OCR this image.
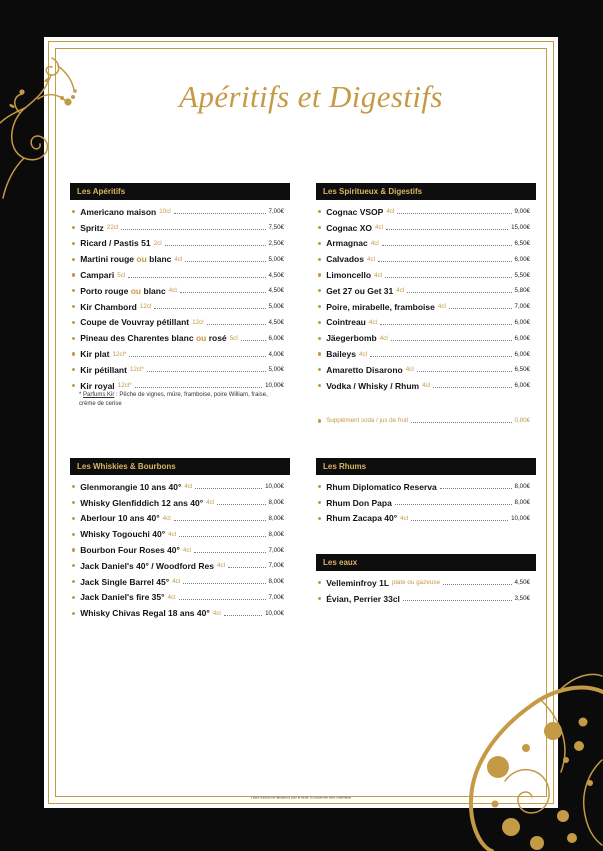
Apéritifs et Digestifs
Les Apéritifs
Americano maison 10cl	7,00€
Spritz 22cl	7,50€
Ricard / Pastis 51 2cl	2,50€
Martini rouge ou blanc 4cl	5,00€
Campari 5cl	4,50€
Porto rouge ou blanc 4cl	4,50€
Kir Chambord 12cl	5,00€
Coupe de Vouvray pétillant 12cl	4,50€
Pineau des Charentes blanc ou rosé 5cl	6,00€
Kir plat 12cl*	4,00€
Kir pétillant 12cl*	5,00€
Kir royal 12cl*	10,00€
* Parfums Kir : Pêche de vignes, mûre, framboise, poire William, fraise, crème de cerise
Les Whiskies & Bourbons
Glenmorangie 10 ans 40° 4cl	10,00€
Whisky Glenfiddich 12 ans 40° 4cl	8,00€
Aberlour 10 ans 40° 4cl	8,00€
Whisky Togouchi 40° 4cl	8,00€
Bourbon Four Roses 40° 4cl	7,00€
Jack Daniel's 40° / Woodford Res 4cl	7,00€
Jack Single Barrel 45° 4cl	8,00€
Jack Daniel's fire 35° 4cl	7,00€
Whisky Chivas Regal 18 ans 40° 4cl	10,00€
Les Spiritueux & Digestifs
Cognac VSOP 4cl	9,00€
Cognac XO 4cl	15,00€
Armagnac 4cl	6,50€
Calvados 4cl	6,00€
Limoncello 4cl	5,50€
Get 27 ou Get 31 4cl	5,80€
Poire, mirabelle, framboise 4cl	7,00€
Cointreau 4cl	6,00€
Jäegerbomb 4cl	6,00€
Baileys 4cl	6,00€
Amaretto Disarono 4cl	6,50€
Vodka / Whisky / Rhum 4cl	6,00€
Supplément soda / jus de fruit	0,80€
Les Rhums
Rhum Diplomatico Reserva	8,00€
Rhum Don Papa	8,00€
Rhum Zacapa 40° 4cl	10,00€
Les eaux
Velleminfroy 1L plate ou gazeuse	4,50€
Évian, Perrier 33cl	3,50€
L'abus d'alcool est dangereux pour la santé, à consommer avec modération.
